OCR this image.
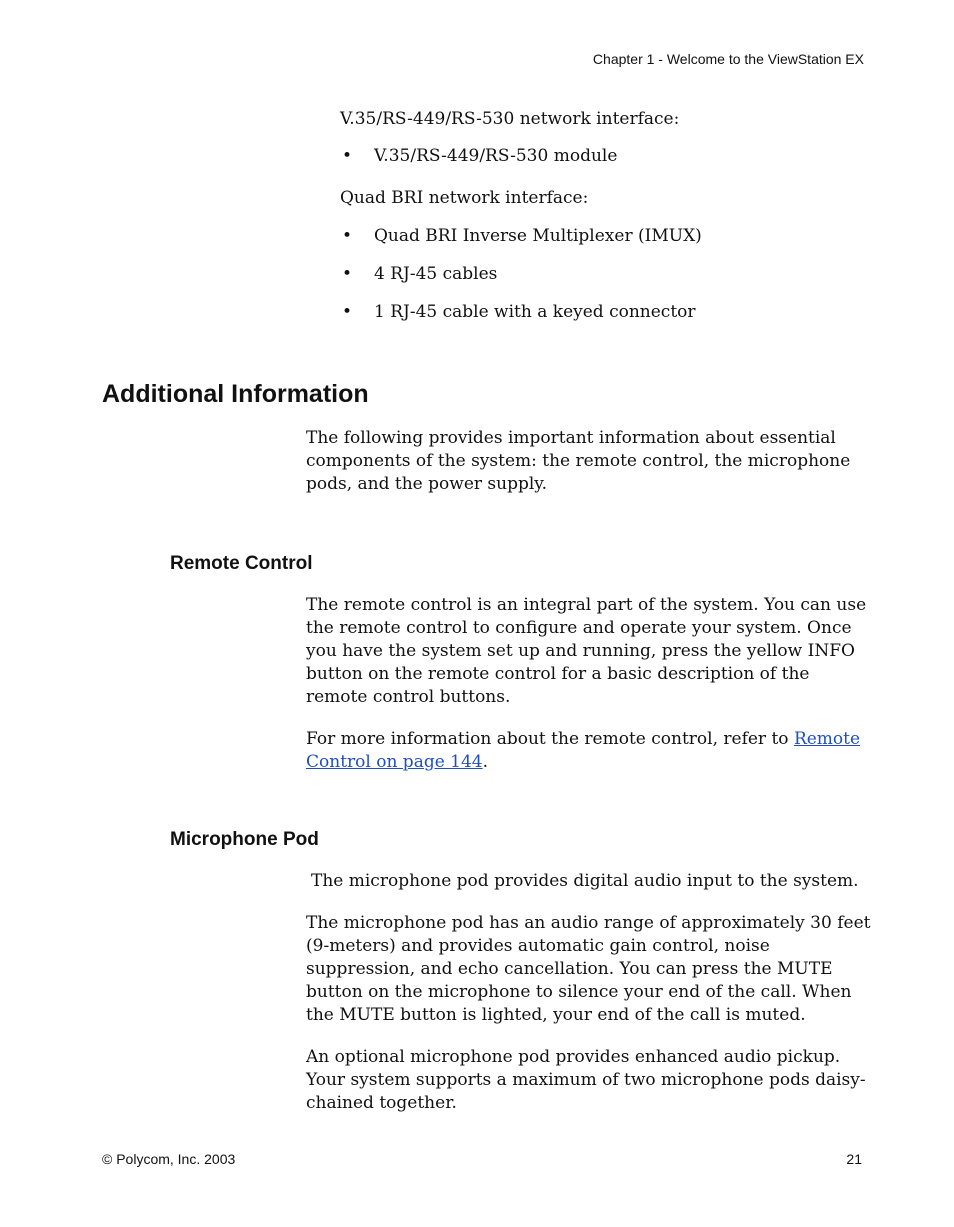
Chapter 1 - Welcome to the ViewStation EX

V.35/RS-449/RS-530 network interface:

• V.35/RS-449/RS-530 module

Quad BRI network interface:

• Quad BRI Inverse Multiplexer (IMUX)
• 4 RJ-45 cables
• 1 RJ-45 cable with a keyed connector
Additional Information

The following provides important information about essential components of the system: the remote control, the microphone pods, and the power supply.

Remote Control

The remote control is an integral part of the system. You can use the remote control to configure and operate your system. Once you have the system set up and running, press the yellow INFO button on the remote control for a basic description of the remote control buttons.

For more information about the remote control, refer to Remote Control on page 144.

Microphone Pod

The microphone pod provides digital audio input to the system.

The microphone pod has an audio range of approximately 30 feet (9-meters) and provides automatic gain control, noise suppression, and echo cancellation. You can press the MUTE button on the microphone to silence your end of the call. When the MUTE button is lighted, your end of the call is muted.

An optional microphone pod provides enhanced audio pickup. Your system supports a maximum of two microphone pods daisy-chained together.

© Polycom, Inc. 2003	21
